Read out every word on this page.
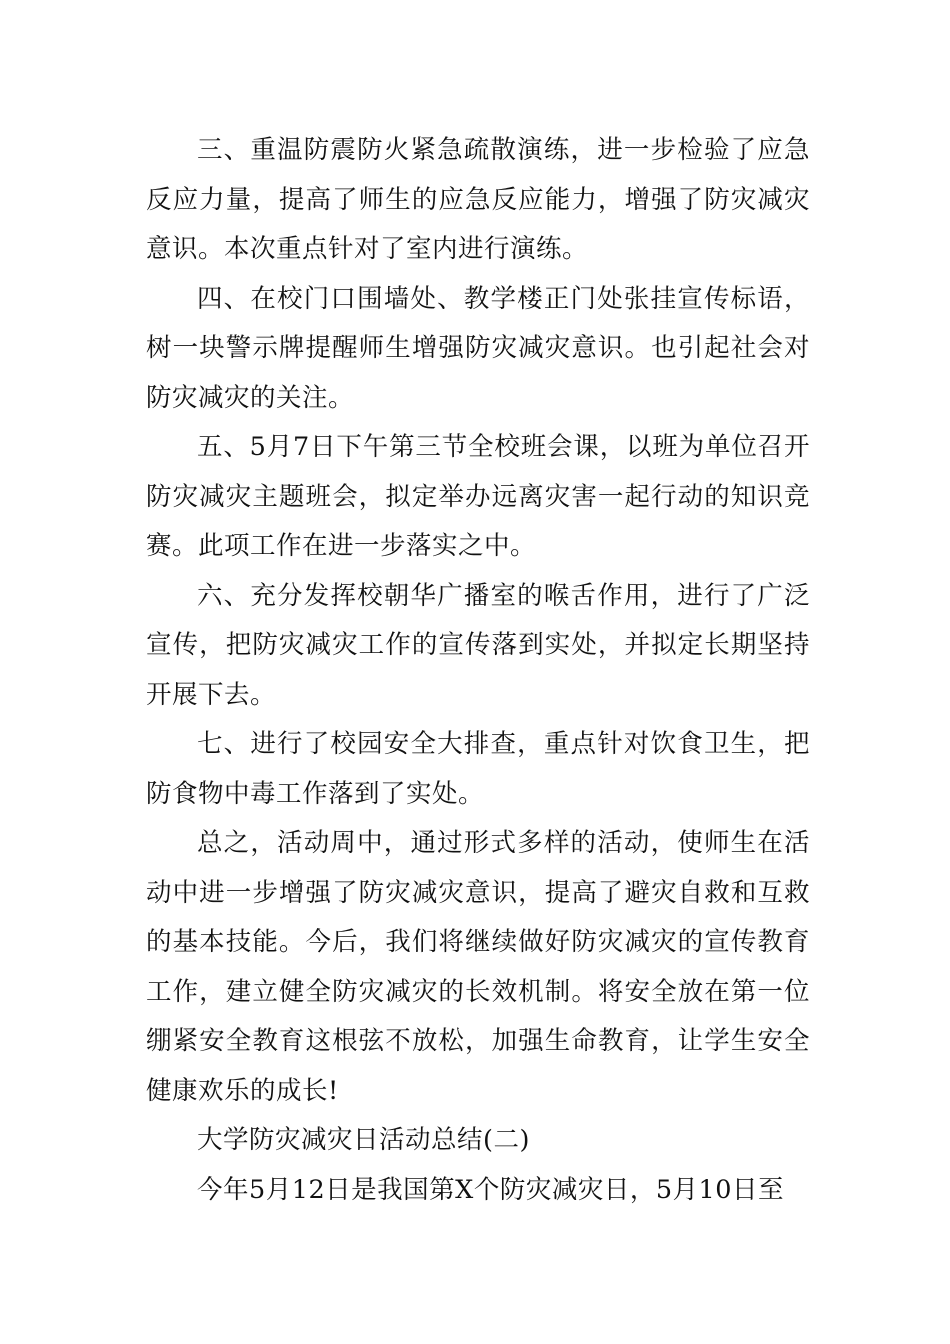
三、重温防震防火紧急疏散演练，进一步检验了应急反应力量，提高了师生的应急反应能力，增强了防灾减灾意识。本次重点针对了室内进行演练。

四、在校门口围墙处、教学楼正门处张挂宣传标语，树一块警示牌提醒师生增强防灾减灾意识。也引起社会对防灾减灾的关注。

五、5月7日下午第三节全校班会课，以班为单位召开防灾减灾主题班会，拟定举办远离灾害一起行动的知识竞赛。此项工作在进一步落实之中。

六、充分发挥校朝华广播室的喉舌作用，进行了广泛宣传，把防灾减灾工作的宣传落到实处，并拟定长期坚持开展下去。

七、进行了校园安全大排查，重点针对饮食卫生，把防食物中毒工作落到了实处。

总之，活动周中，通过形式多样的活动，使师生在活动中进一步增强了防灾减灾意识，提高了避灾自救和互救的基本技能。今后，我们将继续做好防灾减灾的宣传教育工作，建立健全防灾减灾的长效机制。将安全放在第一位绷紧安全教育这根弦不放松，加强生命教育，让学生安全健康欢乐的成长!

大学防灾减灾日活动总结(二)

今年5月12日是我国第X个防灾减灾日，5月10日至
